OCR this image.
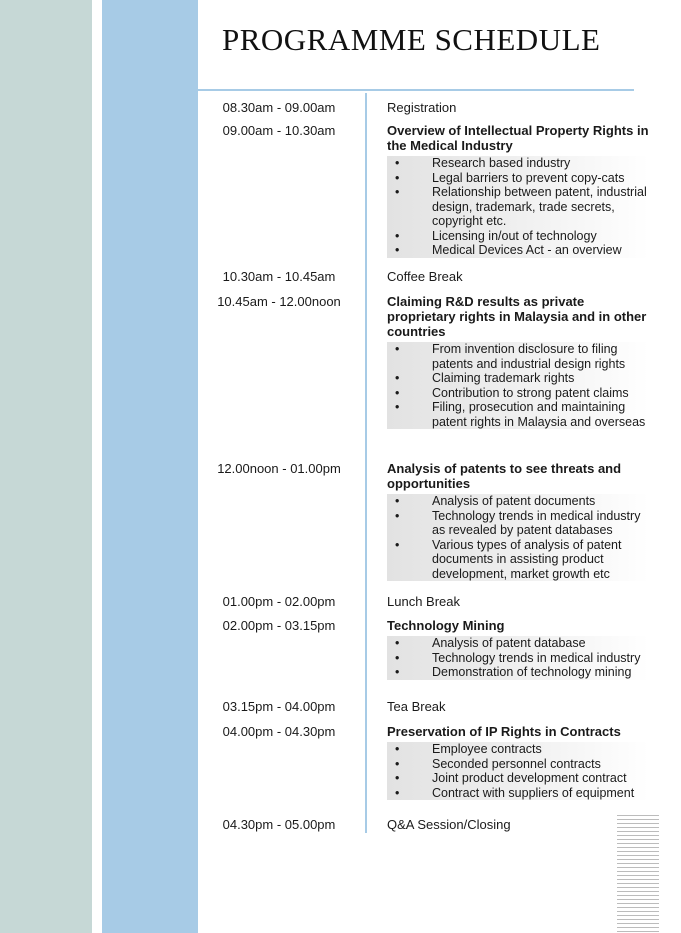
PROGRAMME SCHEDULE
08.30am - 09.00am	Registration
09.00am - 10.30am	Overview of Intellectual Property Rights in the Medical Industry
• Research based industry
• Legal barriers to prevent copy-cats
• Relationship between patent, industrial design, trademark, trade secrets, copyright etc.
• Licensing in/out of technology
• Medical Devices Act - an overview
10.30am - 10.45am	Coffee Break
10.45am - 12.00noon	Claiming R&D results as private proprietary rights in Malaysia and in other countries
• From invention disclosure to filing patents and industrial design rights
• Claiming trademark rights
• Contribution to strong patent claims
• Filing, prosecution and maintaining patent rights in Malaysia and overseas
12.00noon - 01.00pm	Analysis of patents to see threats and opportunities
• Analysis of patent documents
• Technology trends in medical industry as revealed by patent databases
• Various types of analysis of patent documents in assisting product development, market growth etc
01.00pm - 02.00pm	Lunch Break
02.00pm - 03.15pm	Technology Mining
• Analysis of patent database
• Technology trends in medical industry
• Demonstration of technology mining
03.15pm - 04.00pm	Tea Break
04.00pm - 04.30pm	Preservation of IP Rights in Contracts
• Employee contracts
• Seconded personnel contracts
• Joint product development contract
• Contract with suppliers of equipment
04.30pm - 05.00pm	Q&A Session/Closing
